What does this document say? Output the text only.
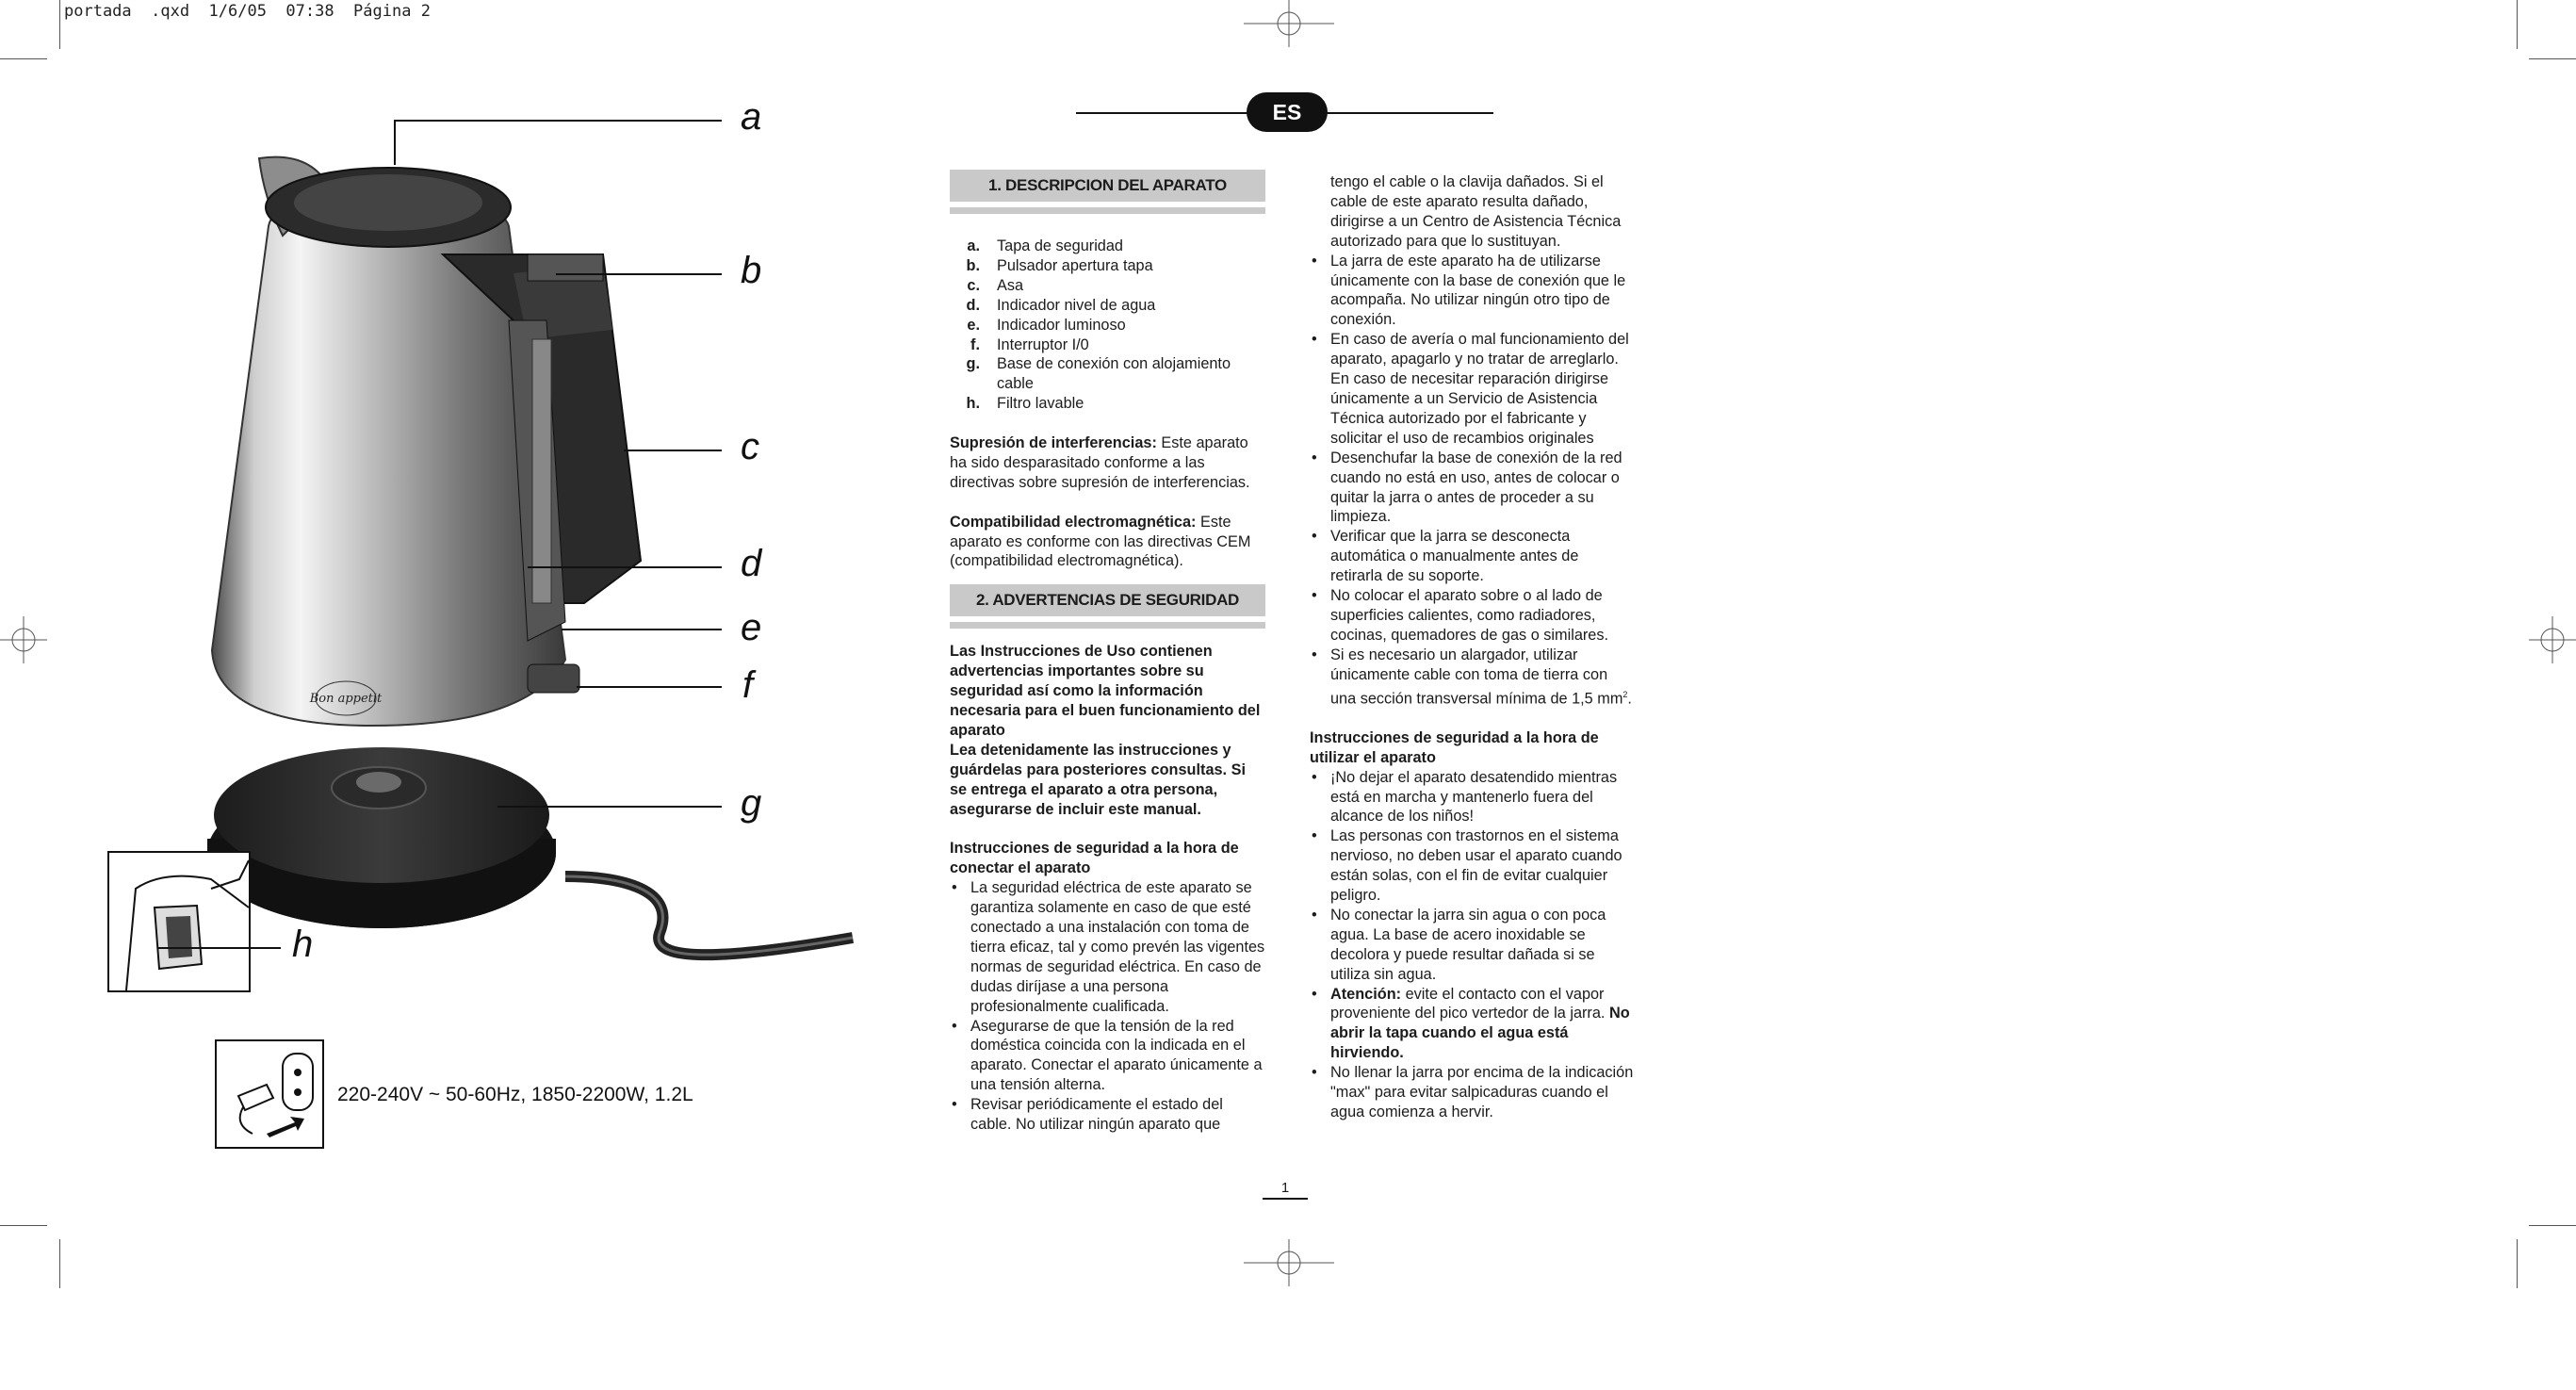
portada  .qxd  1/6/05  07:38  Página 2
Bon appetit
a
b
c
d
e
f
g
h
220-240V ~ 50-60Hz, 1850-2200W, 1.2L
ES
1. DESCRIPCION DEL APARATO
a.	Tapa de seguridad
b.	Pulsador apertura tapa
c.	Asa
d.	Indicador nivel de agua
e.	Indicador luminoso
f.	Interruptor I/0
g.	Base de conexión con alojamiento cable
h.	Filtro lavable

Supresión de interferencias: Este aparato ha sido desparasitado conforme a las directivas sobre supresión de interferencias.

Compatibilidad electromagnética: Este aparato es conforme con las directivas CEM (compatibilidad electromagnética).

2. ADVERTENCIAS DE SEGURIDAD

Las Instrucciones de Uso contienen advertencias importantes sobre su seguridad así como la información necesaria para el buen funcionamiento del aparato

Lea detenidamente las instrucciones y guárdelas para posteriores consultas. Si se entrega el aparato a otra persona, asegurarse de incluir este manual.

Instrucciones de seguridad a la hora de conectar el aparato

• La seguridad eléctrica de este aparato se garantiza solamente en caso de que esté conectado a una instalación con toma de tierra eficaz, tal y como prevén las vigentes normas de seguridad eléctrica. En caso de dudas diríjase a una persona profesionalmente cualificada.
• Asegurarse de que la tensión de la red doméstica coincida con la indicada en el aparato. Conectar el aparato únicamente a una tensión alterna.
• Revisar periódicamente el estado del cable. No utilizar ningún aparato que

tengo el cable o la clavija dañados. Si el cable de este aparato resulta dañado, dirigirse a un Centro de Asistencia Técnica autorizado para que lo sustituyan.

• La jarra de este aparato ha de utilizarse únicamente con la base de conexión que le acompaña. No utilizar ningún otro tipo de conexión.
• En caso de avería o mal funcionamiento del aparato, apagarlo y no tratar de arreglarlo. En caso de necesitar reparación dirigirse únicamente a un Servicio de Asistencia Técnica autorizado por el fabricante y solicitar el uso de recambios originales
• Desenchufar la base de conexión de la red cuando no está en uso, antes de colocar o quitar la jarra o antes de proceder a su limpieza.
• Verificar que la jarra se desconecta automática o manualmente antes de retirarla de su soporte.
• No colocar el aparato sobre o al lado de superficies calientes, como radiadores, cocinas, quemadores de gas o similares.
• Si es necesario un alargador, utilizar únicamente cable con toma de tierra con una sección transversal mínima de 1,5 $mm^2$.

Instrucciones de seguridad a la hora de utilizar el aparato

• ¡No dejar el aparato desatendido mientras está en marcha y mantenerlo fuera del alcance de los niños!
• Las personas con trastornos en el sistema nervioso, no deben usar el aparato cuando están solas, con el fin de evitar cualquier peligro.
• No conectar la jarra sin agua o con poca agua. La base de acero inoxidable se decolora y puede resultar dañada si se utiliza sin agua.
• Atención: evite el contacto con el vapor proveniente del pico vertedor de la jarra. No abrir la tapa cuando el agua está hirviendo.
• No llenar la jarra por encima de la indicación "max" para evitar salpicaduras cuando el agua comienza a hervir.
1
